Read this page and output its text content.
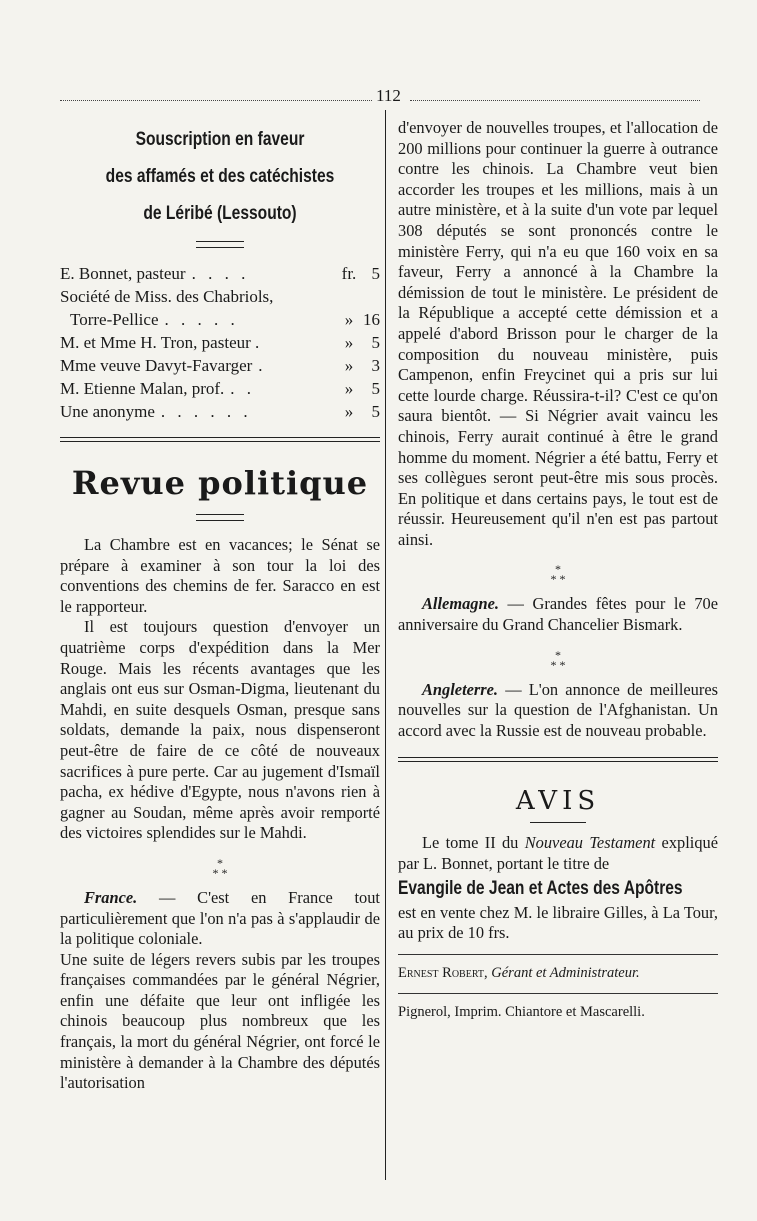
112
Souscription en faveur
des affamés et des catéchistes
de Léribé (Lessouto)
E. Bonnet, pasteur . . . .	fr. 5
Société de Miss. des Chabriols,
Torre-Pellice . . . . .	» 16
M. et Mme H. Tron, pasteur .	»	5
Mme veuve Davyt-Favarger .	»	3
M. Etienne Malan, prof. . .	»	5
Une anonyme . . . . . .	»	5
Revue politique

La Chambre est en vacances; le Sénat se prépare à examiner à son tour la loi des conventions des chemins de fer. Saracco en est le rapporteur.

Il est toujours question d'envoyer un quatrième corps d'expédition dans la Mer Rouge. Mais les récents avantages que les anglais ont eus sur Osman-Digma, lieutenant du Mahdi, en suite desquels Osman, presque sans soldats, demande la paix, nous dispenseront peut-être de faire de ce côté de nouveaux sacrifices à pure perte. Car au jugement d'Ismaïl pacha, ex hédive d'Egypte, nous n'avons rien à gagner au Soudan, même après avoir remporté des victoires splendides sur le Mahdi.

*
* *

France. — C'est en France tout particulièrement que l'on n'a pas à s'applaudir de la politique coloniale.

Une suite de légers revers subis par les troupes françaises commandées par le général Négrier, enfin une défaite que leur ont infligée les chinois beaucoup plus nombreux que les français, la mort du général Négrier, ont forcé le ministère à demander à la Chambre des députés l'autorisation

d'envoyer de nouvelles troupes, et l'allocation de 200 millions pour continuer la guerre à outrance contre les chinois. La Chambre veut bien accorder les troupes et les millions, mais à un autre ministère, et à la suite d'un vote par lequel 308 députés se sont prononcés contre le ministère Ferry, qui n'a eu que 160 voix en sa faveur, Ferry a annoncé à la Chambre la démission de tout le ministère. Le président de la République a accepté cette démission et a appelé d'abord Brisson pour le charger de la composition du nouveau ministère, puis Campenon, enfin Freycinet qui a pris sur lui cette lourde charge. Réussira-t-il? C'est ce qu'on saura bientôt. — Si Négrier avait vaincu les chinois, Ferry aurait continué à être le grand homme du moment. Négrier a été battu, Ferry et ses collègues seront peut-être mis sous procès. En politique et dans certains pays, le tout est de réussir. Heureusement qu'il n'en est pas partout ainsi.

*
* *

Allemagne. — Grandes fêtes pour le 70e anniversaire du Grand Chancelier Bismark.

*
* *

Angleterre. — L'on annonce de meilleures nouvelles sur la question de l'Afghanistan. Un accord avec la Russie est de nouveau probable.

AVIS

Le tome II du Nouveau Testament expliqué par L. Bonnet, portant le titre de

Evangile de Jean et Actes des Apôtres

est en vente chez M. le libraire Gilles, à La Tour, au prix de 10 frs.

Ernest Robert, Gérant et Administrateur.
Pignerol, Imprim. Chiantore et Mascarelli.
